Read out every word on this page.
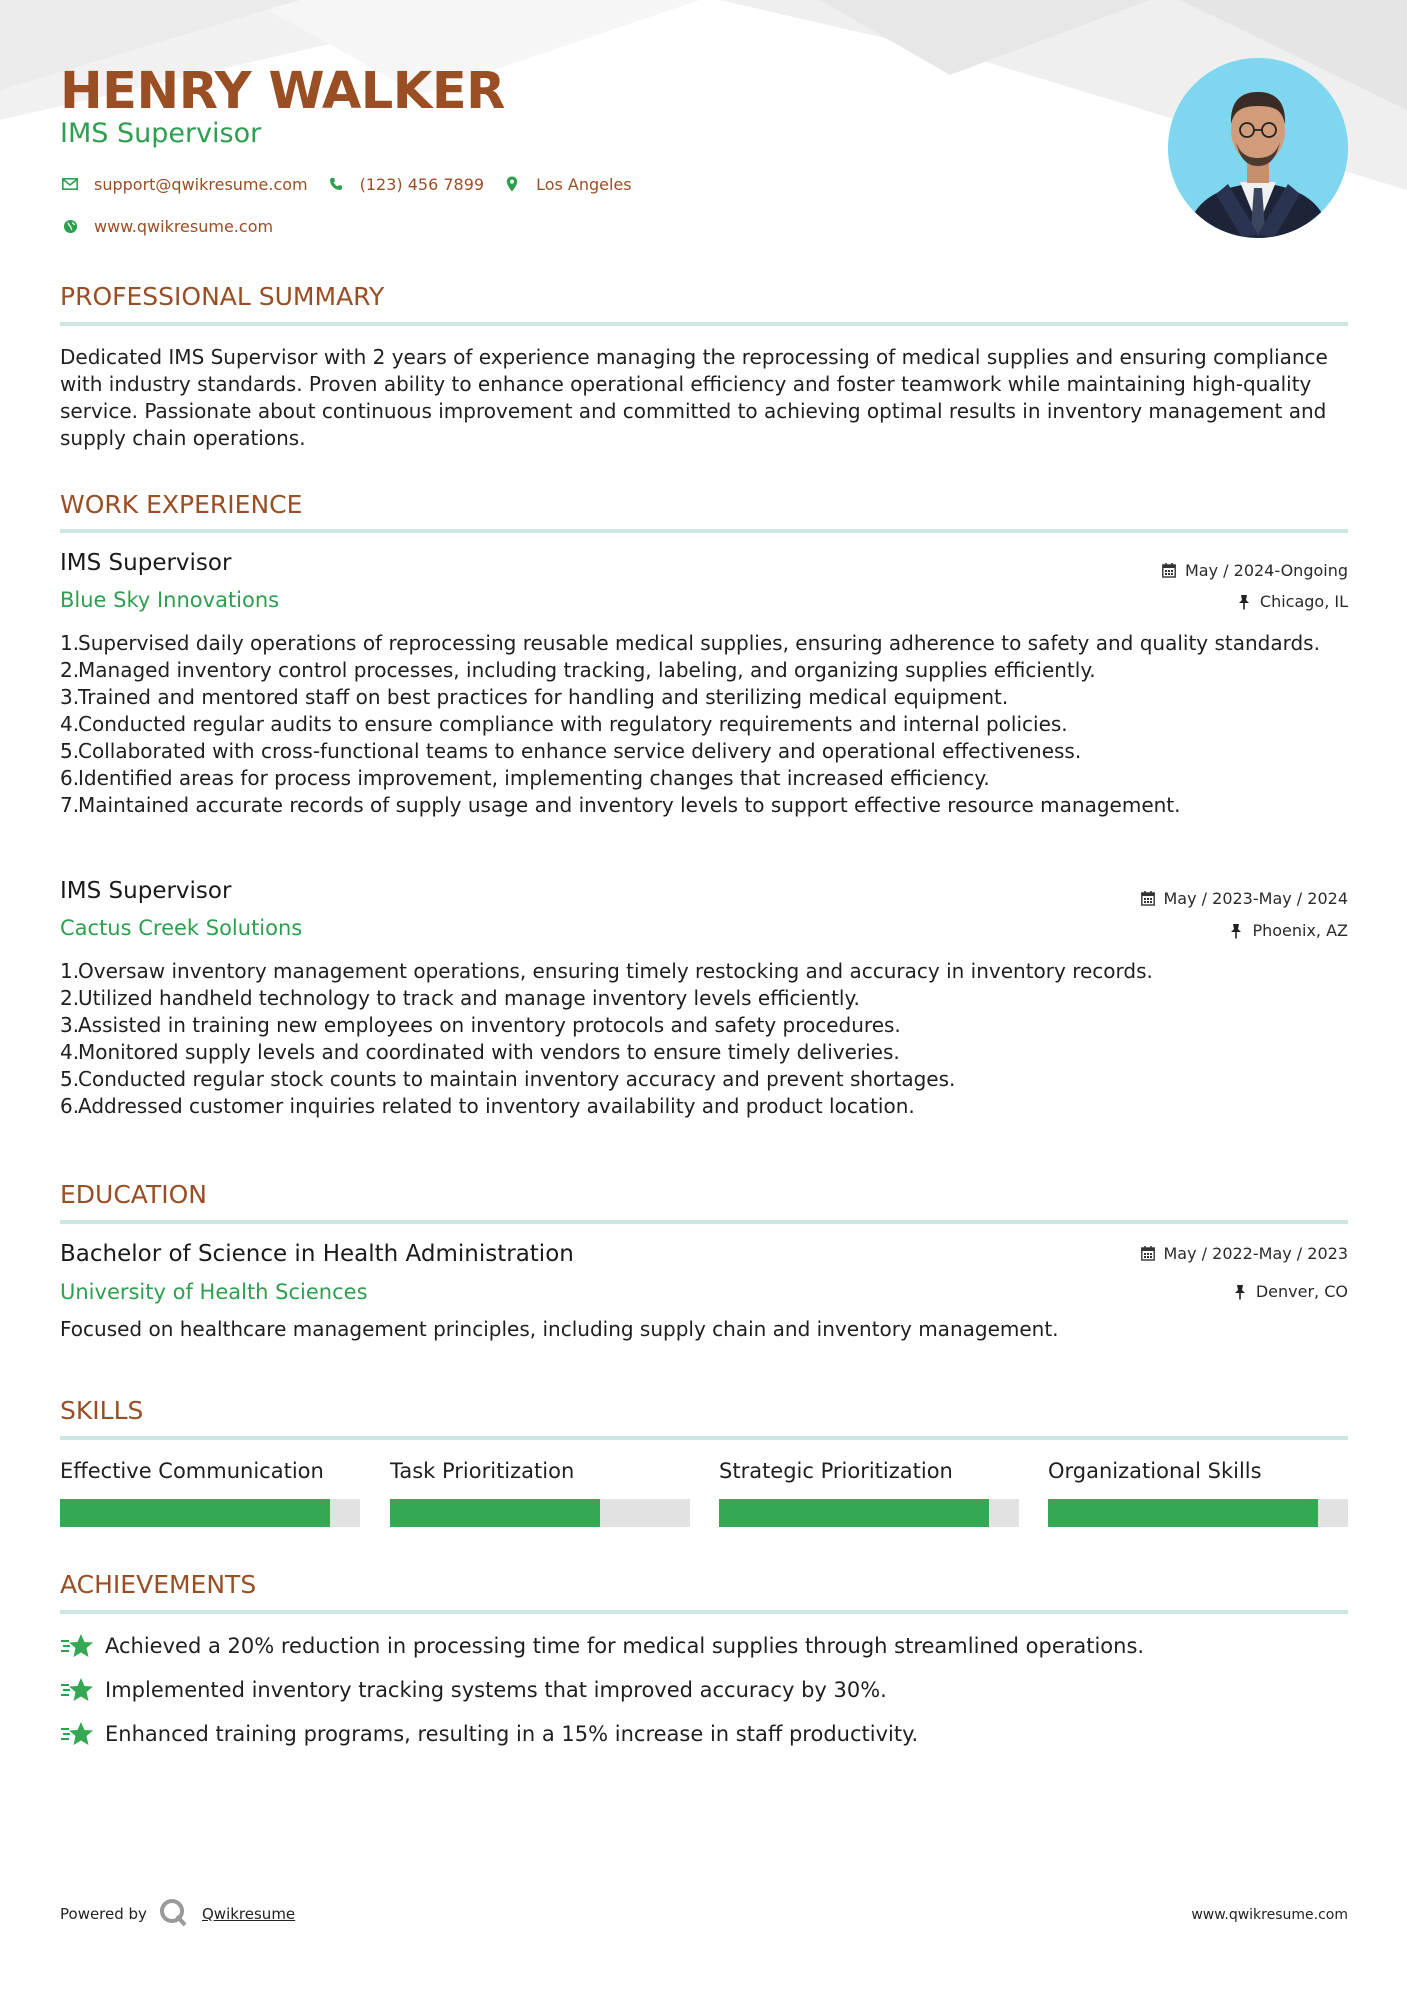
HENRY WALKER
IMS Supervisor
support@qwikresume.com	(123) 456 7899	Los Angeles
www.qwikresume.com
PROFESSIONAL SUMMARY
Dedicated IMS Supervisor with 2 years of experience managing the reprocessing of medical supplies and ensuring compliance with industry standards. Proven ability to enhance operational efficiency and foster teamwork while maintaining high-quality service. Passionate about continuous improvement and committed to achieving optimal results in inventory management and supply chain operations.
WORK EXPERIENCE
IMS Supervisor	May / 2024-Ongoing
Blue Sky Innovations	Chicago, IL
1.
Supervised daily operations of reprocessing reusable medical supplies, ensuring adherence to safety and quality standards.
2.
Managed inventory control processes, including tracking, labeling, and organizing supplies efficiently.
3.
Trained and mentored staff on best practices for handling and sterilizing medical equipment.
4.
Conducted regular audits to ensure compliance with regulatory requirements and internal policies.
5.
Collaborated with cross-functional teams to enhance service delivery and operational effectiveness.
6.
Identified areas for process improvement, implementing changes that increased efficiency.
7.
Maintained accurate records of supply usage and inventory levels to support effective resource management.
IMS Supervisor	May / 2023-May / 2024
Cactus Creek Solutions	Phoenix, AZ
1.
Oversaw inventory management operations, ensuring timely restocking and accuracy in inventory records.
2.
Utilized handheld technology to track and manage inventory levels efficiently.
3.
Assisted in training new employees on inventory protocols and safety procedures.
4.
Monitored supply levels and coordinated with vendors to ensure timely deliveries.
5.
Conducted regular stock counts to maintain inventory accuracy and prevent shortages.
6.
Addressed customer inquiries related to inventory availability and product location.
EDUCATION
Bachelor of Science in Health Administration	May / 2022-May / 2023
University of Health Sciences	Denver, CO
Focused on healthcare management principles, including supply chain and inventory management.
SKILLS
Effective Communication	Task Prioritization	Strategic Prioritization	Organizational Skills
ACHIEVEMENTS
Achieved a 20% reduction in processing time for medical supplies through streamlined operations.
Implemented inventory tracking systems that improved accuracy by 30%.
Enhanced training programs, resulting in a 15% increase in staff productivity.
Powered by	Qwikresume	www.qwikresume.com
